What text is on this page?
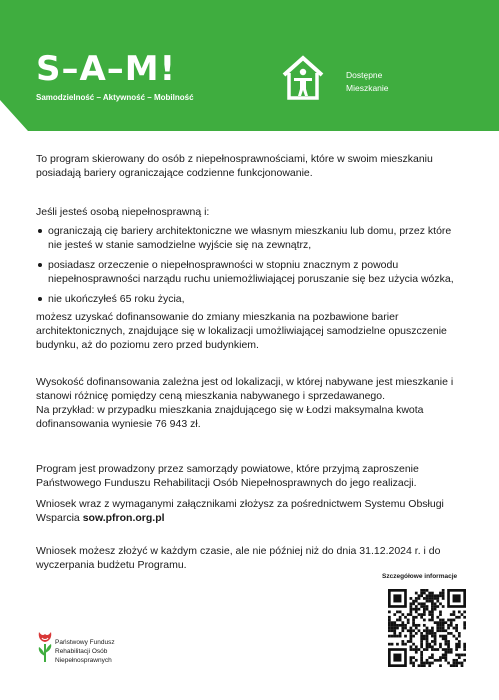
S–A–M!
Samodzielność – Aktywność – Mobilność
Dostępne
Mieszkanie
To program skierowany do osób z niepełnosprawnościami, które w swoim mieszkaniu posiadają bariery ograniczające codzienne funkcjonowanie.

Jeśli jesteś osobą niepełnosprawną i:

ograniczają cię bariery architektoniczne we własnym mieszkaniu lub domu, przez które nie jesteś w stanie samodzielne wyjście się na zewnątrz,
posiadasz orzeczenie o niepełnosprawności w stopniu znacznym z powodu niepełnosprawności narządu ruchu uniemożliwiającej poruszanie się bez użycia wózka,
nie ukończyłeś 65 roku życia,

możesz uzyskać dofinansowanie do zmiany mieszkania na pozbawione barier architektonicznych, znajdujące się w lokalizacji umożliwiającej samodzielne opuszczenie budynku, aż do poziomu zero przed budynkiem.

Wysokość dofinansowania zależna jest od lokalizacji, w której nabywane jest mieszkanie i stanowi różnicę pomiędzy ceną mieszkania nabywanego i sprzedawanego.

Na przykład: w przypadku mieszkania znajdującego się w Łodzi maksymalna kwota dofinansowania wyniesie 76 943 zł.

Program jest prowadzony przez samorządy powiatowe, które przyjmą zaproszenie Państwowego Funduszu Rehabilitacji Osób Niepełnosprawnych do jego realizacji.

Wniosek wraz z wymaganymi załącznikami złożysz za pośrednictwem Systemu Obsługi Wsparcia sow.pfron.org.pl

Wniosek możesz złożyć w każdym czasie, ale nie później niż do dnia 31.12.2024 r. i do wyczerpania budżetu Programu.
Szczegółowe informacje
Państwowy Fundusz
Rehabilitacji Osób
Niepełnosprawnych
